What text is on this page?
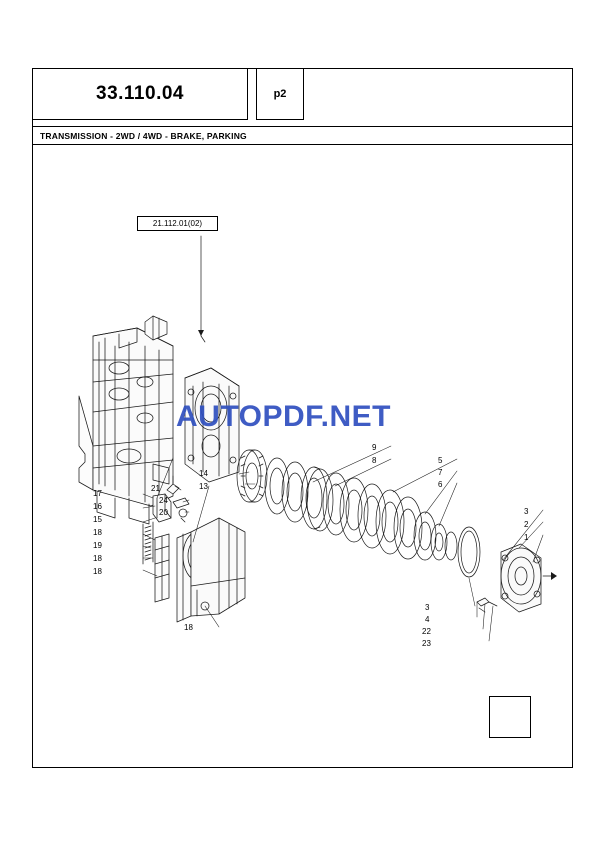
33.110.04	p2
TRANSMISSION - 2WD / 4WD - BRAKE, PARKING
21.112.01(02)
AUTOPDF.NET
17
16
15
18
19
18
18
21
24
20
14
13
18
9
8	5
7
6
3
2
1
3
4
22
23
